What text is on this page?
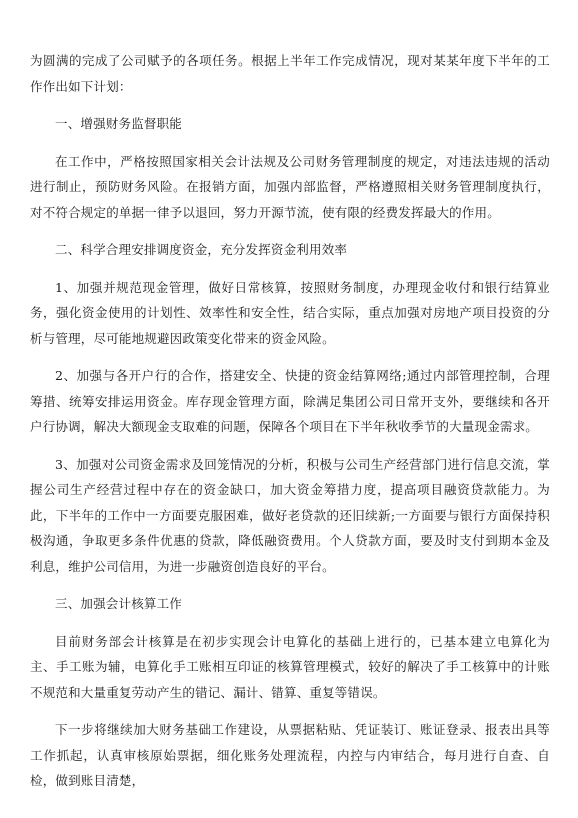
为圆满的完成了公司赋予的各项任务。根据上半年工作完成情况，现对某某年度下半年的工作作出如下计划：

一、增强财务监督职能

在工作中，严格按照国家相关会计法规及公司财务管理制度的规定，对违法违规的活动进行制止，预防财务风险。在报销方面，加强内部监督，严格遵照相关财务管理制度执行，对不符合规定的单据一律予以退回，努力开源节流，使有限的经费发挥最大的作用。

二、科学合理安排调度资金，充分发挥资金利用效率

1、加强并规范现金管理，做好日常核算，按照财务制度，办理现金收付和银行结算业务，强化资金使用的计划性、效率性和安全性，结合实际，重点加强对房地产项目投资的分析与管理，尽可能地规避因政策变化带来的资金风险。

2、加强与各开户行的合作，搭建安全、快捷的资金结算网络;通过内部管理控制，合理筹措、统筹安排运用资金。库存现金管理方面，除满足集团公司日常开支外，要继续和各开户行协调，解决大额现金支取难的问题，保障各个项目在下半年秋收季节的大量现金需求。

3、加强对公司资金需求及回笼情况的分析，积极与公司生产经营部门进行信息交流，掌握公司生产经营过程中存在的资金缺口，加大资金筹措力度，提高项目融资贷款能力。为此，下半年的工作中一方面要克服困难，做好老贷款的还旧续新;一方面要与银行方面保持积极沟通，争取更多条件优惠的贷款，降低融资费用。个人贷款方面，要及时支付到期本金及利息，维护公司信用，为进一步融资创造良好的平台。

三、加强会计核算工作

目前财务部会计核算是在初步实现会计电算化的基础上进行的，已基本建立电算化为主、手工账为辅，电算化手工账相互印证的核算管理模式，较好的解决了手工核算中的计账不规范和大量重复劳动产生的错记、漏计、错算、重复等错误。

下一步将继续加大财务基础工作建设，从票据粘贴、凭证装订、账证登录、报表出具等工作抓起，认真审核原始票据，细化账务处理流程，内控与内审结合，每月进行自查、自检，做到账目清楚，
